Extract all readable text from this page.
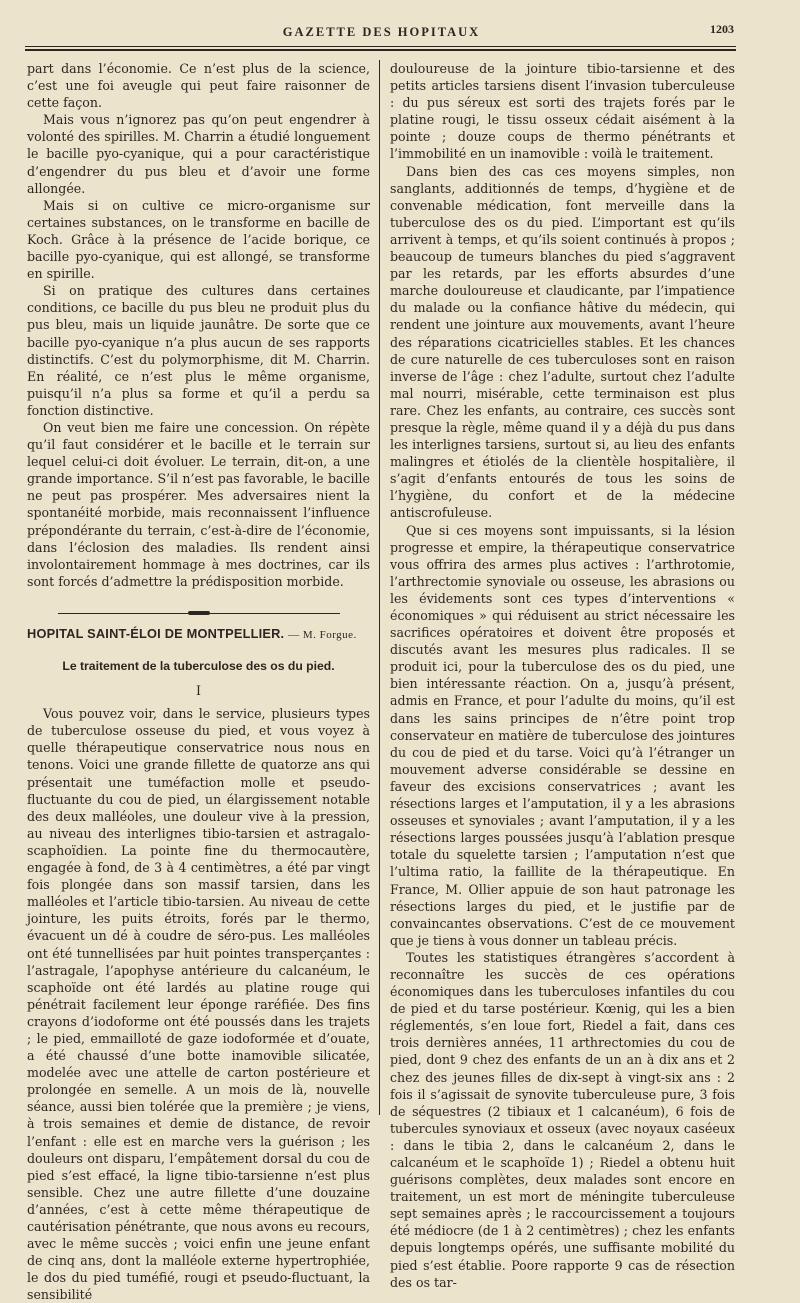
GAZETTE DES HOPITAUX	1203

part dans l’économie. Ce n’est plus de la science, c’est une foi aveugle qui peut faire raisonner de cette façon.

Mais vous n’ignorez pas qu’on peut engendrer à volonté des spirilles. M. Charrin a étudié longuement le bacille pyo-cyanique, qui a pour caractéristique d’engendrer du pus bleu et d’avoir une forme allongée.

Mais si on cultive ce micro-organisme sur certaines substances, on le transforme en bacille de Koch. Grâce à la présence de l’acide borique, ce bacille pyo-cyanique, qui est allongé, se transforme en spirille.

Si on pratique des cultures dans certaines conditions, ce bacille du pus bleu ne produit plus du pus bleu, mais un liquide jaunâtre. De sorte que ce bacille pyo-cyanique n’a plus aucun de ses rapports distinctifs. C’est du polymorphisme, dit M. Charrin. En réalité, ce n’est plus le même organisme, puisqu’il n’a plus sa forme et qu’il a perdu sa fonction distinctive.

On veut bien me faire une concession. On répète qu’il faut considérer et le bacille et le terrain sur lequel celui-ci doit évoluer. Le terrain, dit-on, a une grande importance. S’il n’est pas favorable, le bacille ne peut pas prospérer. Mes adversaires nient la spontanéité morbide, mais reconnaissent l’influence prépondérante du terrain, c’est-à-dire de l’économie, dans l’éclosion des maladies. Ils rendent ainsi involontairement hommage à mes doctrines, car ils sont forcés d’admettre la prédisposition morbide.

HOPITAL SAINT-ÉLOI DE MONTPELLIER. — M. Forgue.
Le traitement de la tuberculose des os du pied.
I

Vous pouvez voir, dans le service, plusieurs types de tuberculose osseuse du pied, et vous voyez à quelle thérapeutique conservatrice nous nous en tenons. Voici une grande fillette de quatorze ans qui présentait une tuméfaction molle et pseudo-fluctuante du cou de pied, un élargissement notable des deux malléoles, une douleur vive à la pression, au niveau des interlignes tibio-tarsien et astragalo-scaphoïdien. La pointe fine du thermocautère, engagée à fond, de 3 à 4 centimètres, a été par vingt fois plongée dans son massif tarsien, dans les malléoles et l’article tibio-tarsien. Au niveau de cette jointure, les puits étroits, forés par le thermo, évacuent un dé à coudre de séro-pus. Les malléoles ont été tunnellisées par huit pointes transperçantes : l’astragale, l’apophyse antérieure du calcanéum, le scaphoïde ont été lardés au platine rouge qui pénétrait facilement leur éponge raréfiée. Des fins crayons d’iodoforme ont été poussés dans les trajets ; le pied, emmailloté de gaze iodoformée et d’ouate, a été chaussé d’une botte inamovible silicatée, modelée avec une attelle de carton postérieure et prolongée en semelle. A un mois de là, nouvelle séance, aussi bien tolérée que la première ; je viens, à trois semaines et demie de distance, de revoir l’enfant : elle est en marche vers la guérison ; les douleurs ont disparu, l’empâtement dorsal du cou de pied s’est effacé, la ligne tibio-tarsienne n’est plus sensible. Chez une autre fillette d’une douzaine d’années, c’est à cette même thérapeutique de cautérisation pénétrante, que nous avons eu recours, avec le même succès ; voici enfin une jeune enfant de cinq ans, dont la malléole externe hypertrophiée, le dos du pied tuméfié, rougi et pseudo-fluctuant, la sensibilité

douloureuse de la jointure tibio-tarsienne et des petits articles tarsiens disent l’invasion tuberculeuse : du pus séreux est sorti des trajets forés par le platine rougi, le tissu osseux cédait aisément à la pointe ; douze coups de thermo pénétrants et l’immobilité en un inamovible : voilà le traitement.

Dans bien des cas ces moyens simples, non sanglants, additionnés de temps, d’hygiène et de convenable médication, font merveille dans la tuberculose des os du pied. L’important est qu’ils arrivent à temps, et qu’ils soient continués à propos ; beaucoup de tumeurs blanches du pied s’aggravent par les retards, par les efforts absurdes d’une marche douloureuse et claudicante, par l’impatience du malade ou la confiance hâtive du médecin, qui rendent une jointure aux mouvements, avant l’heure des réparations cicatricielles stables. Et les chances de cure naturelle de ces tuberculoses sont en raison inverse de l’âge : chez l’adulte, surtout chez l’adulte mal nourri, misérable, cette terminaison est plus rare. Chez les enfants, au contraire, ces succès sont presque la règle, même quand il y a déjà du pus dans les interlignes tarsiens, surtout si, au lieu des enfants malingres et étiolés de la clientèle hospitalière, il s’agit d’enfants entourés de tous les soins de l’hygiène, du confort et de la médecine antiscrofuleuse.

Que si ces moyens sont impuissants, si la lésion progresse et empire, la thérapeutique conservatrice vous offrira des armes plus actives : l’arthrotomie, l’arthrectomie synoviale ou osseuse, les abrasions ou les évidements sont ces types d’interventions « économiques » qui réduisent au strict nécessaire les sacrifices opératoires et doivent être proposés et discutés avant les mesures plus radicales. Il se produit ici, pour la tuberculose des os du pied, une bien intéressante réaction. On a, jusqu’à présent, admis en France, et pour l’adulte du moins, qu’il est dans les sains principes de n’être point trop conservateur en matière de tuberculose des jointures du cou de pied et du tarse. Voici qu’à l’étranger un mouvement adverse considérable se dessine en faveur des excisions conservatrices ; avant les résections larges et l’amputation, il y a les abrasions osseuses et synoviales ; avant l’amputation, il y a les résections larges poussées jusqu’à l’ablation presque totale du squelette tarsien ; l’amputation n’est que l’ultima ratio, la faillite de la thérapeutique. En France, M. Ollier appuie de son haut patronage les résections larges du pied, et le justifie par de convaincantes observations. C’est de ce mouvement que je tiens à vous donner un tableau précis.

Toutes les statistiques étrangères s’accordent à reconnaître les succès de ces opérations économiques dans les tuberculoses infantiles du cou de pied et du tarse postérieur. Kœnig, qui les a bien réglementés, s’en loue fort, Riedel a fait, dans ces trois dernières années, 11 arthrectomies du cou de pied, dont 9 chez des enfants de un an à dix ans et 2 chez des jeunes filles de dix-sept à vingt-six ans : 2 fois il s’agissait de synovite tuberculeuse pure, 3 fois de séquestres (2 tibiaux et 1 calcanéum), 6 fois de tubercules synoviaux et osseux (avec noyaux caséeux : dans le tibia 2, dans le calcanéum 2, dans le calcanéum et le scaphoïde 1) ; Riedel a obtenu huit guérisons complètes, deux malades sont encore en traitement, un est mort de méningite tuberculeuse sept semaines après ; le raccourcissement a toujours été médiocre (de 1 à 2 centimètres) ; chez les enfants depuis longtemps opérés, une suffisante mobilité du pied s’est établie. Poore rapporte 9 cas de résection des os tar-
